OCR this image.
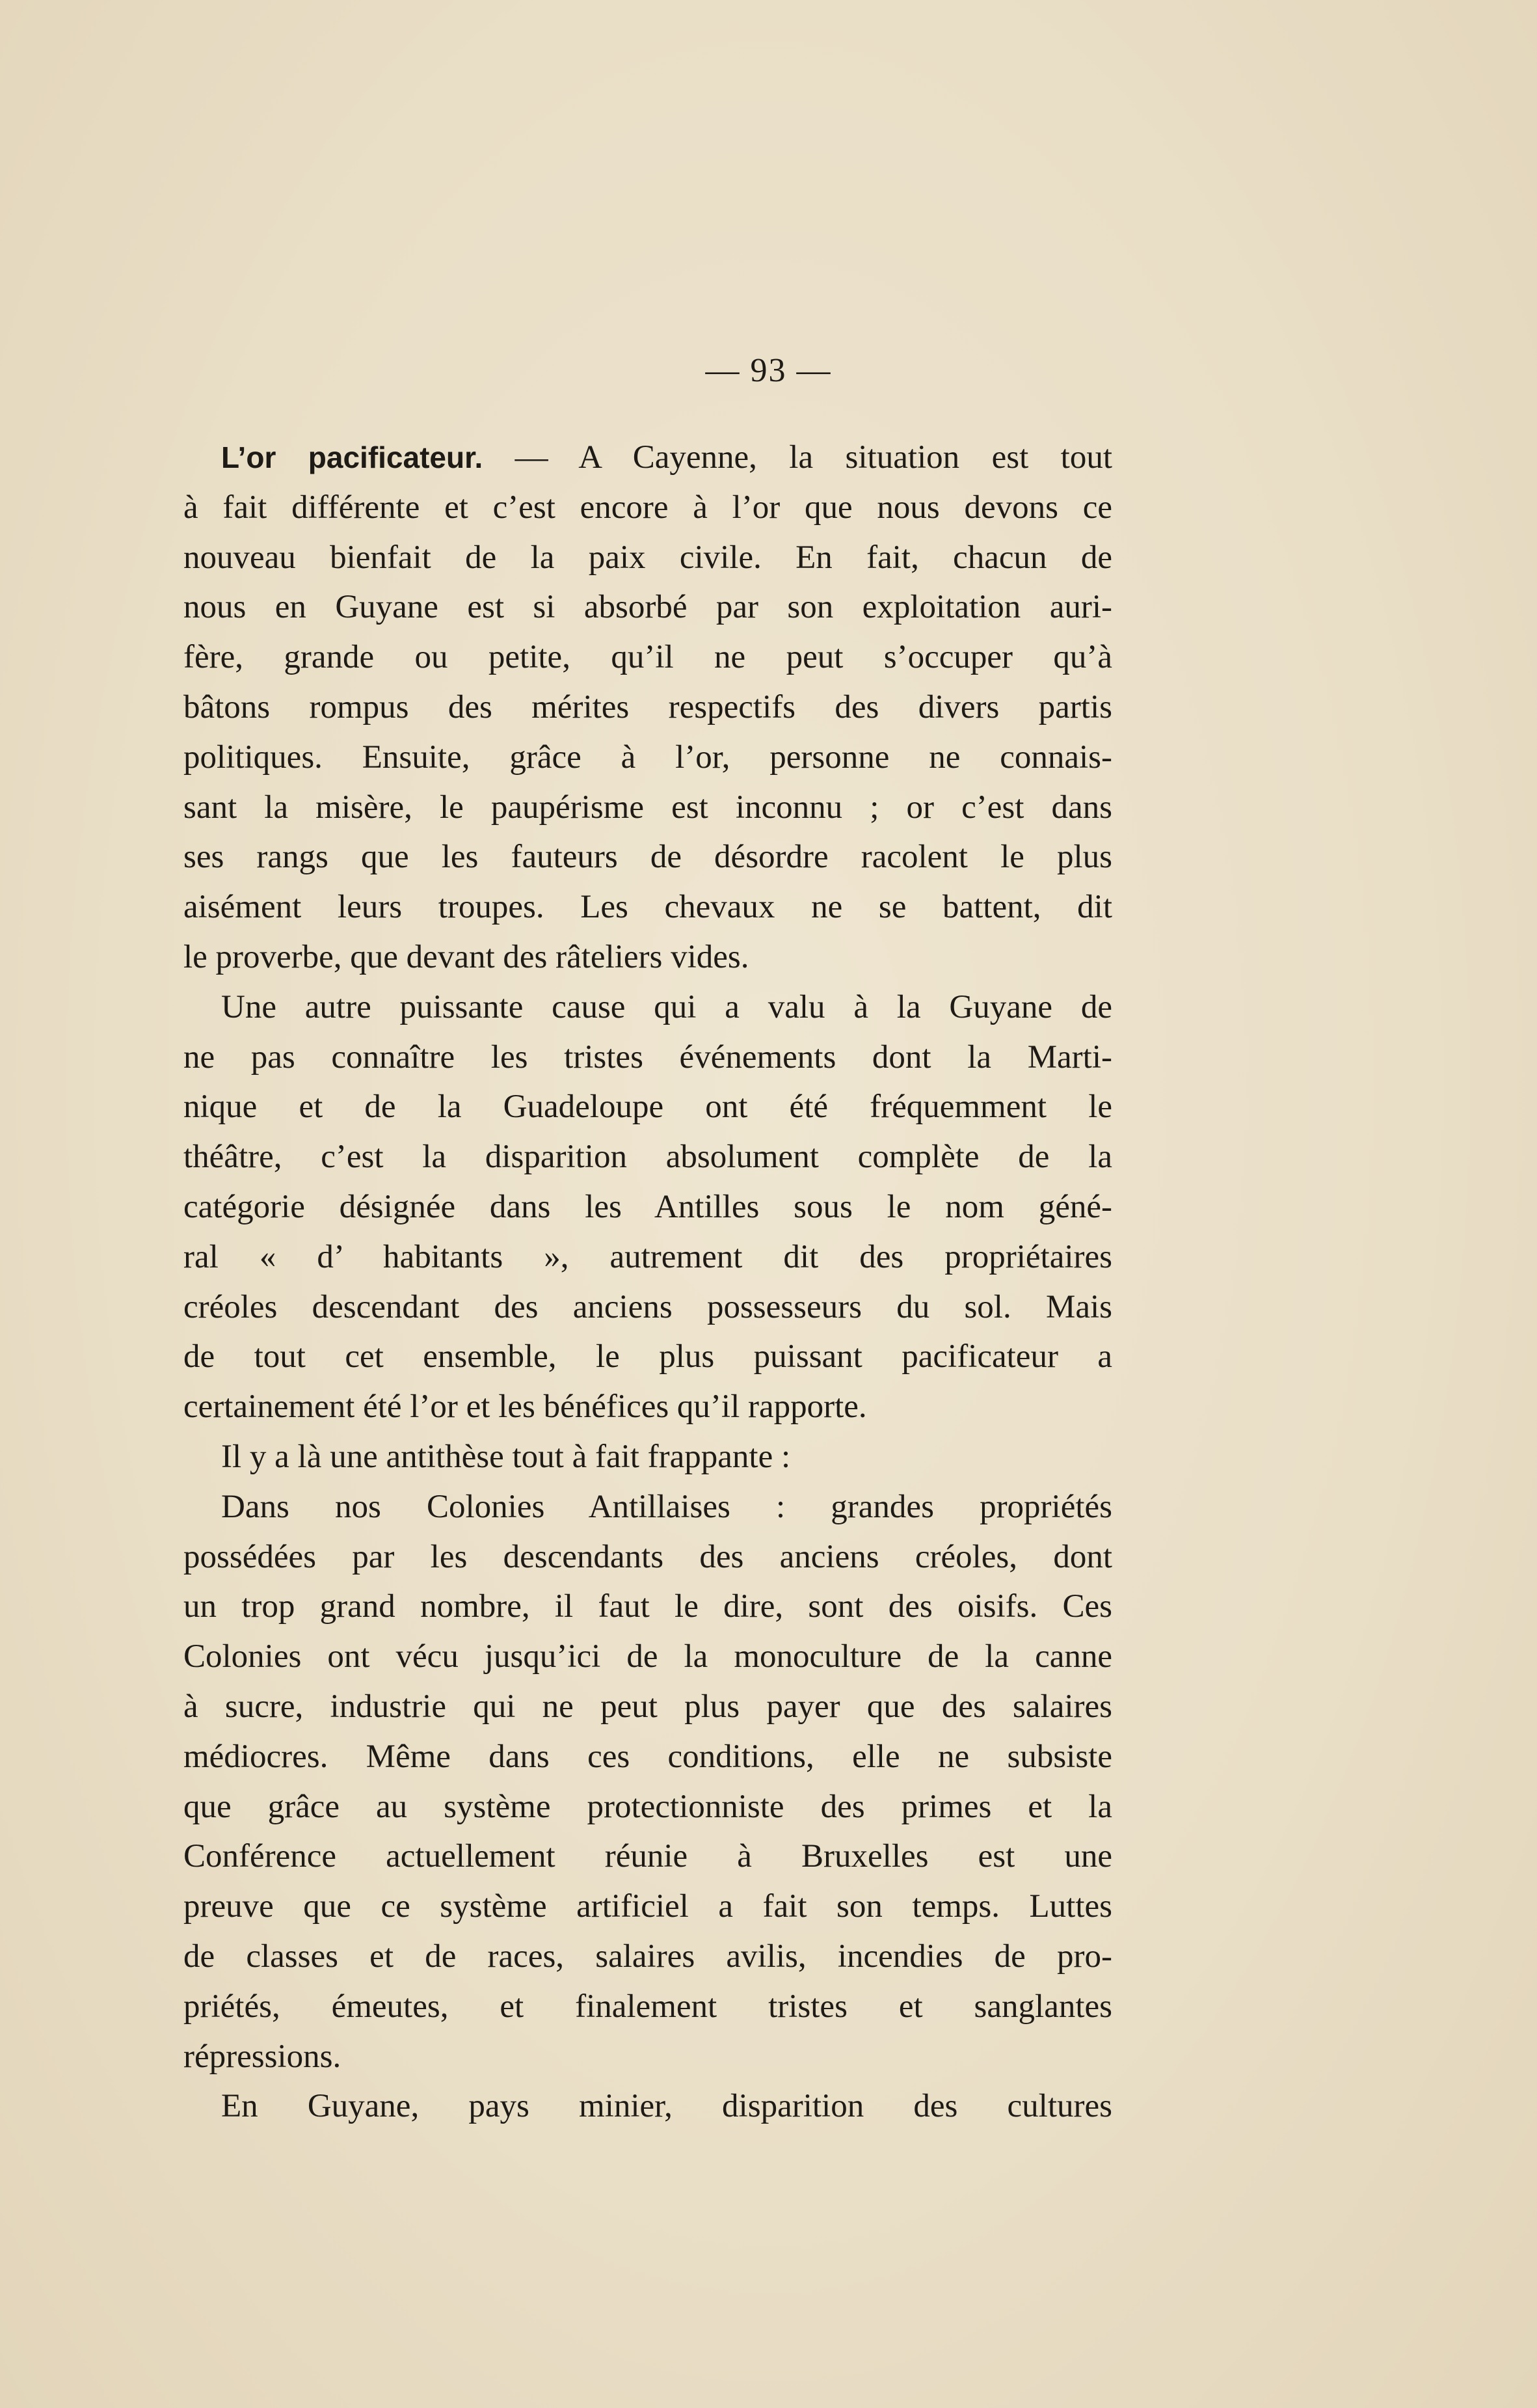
— 93 —
L’or pacificateur. — A Cayenne, la situation est tout
à fait différente et c’est encore à l’or que nous devons ce
nouveau bienfait de la paix civile. En fait, chacun de
nous en Guyane est si absorbé par son exploitation auri-
fère, grande ou petite, qu’il ne peut s’occuper qu’à
bâtons rompus des mérites respectifs des divers partis
politiques. Ensuite, grâce à l’or, personne ne connais-
sant la misère, le paupérisme est inconnu ; or c’est dans
ses rangs que les fauteurs de désordre racolent le plus
aisément leurs troupes. Les chevaux ne se battent, dit
le proverbe, que devant des râteliers vides.
Une autre puissante cause qui a valu à la Guyane de
ne pas connaître les tristes événements dont la Marti-
nique et de la Guadeloupe ont été fréquemment le
théâtre, c’est la disparition absolument complète de la
catégorie désignée dans les Antilles sous le nom géné-
ral « d’ habitants », autrement dit des propriétaires
créoles descendant des anciens possesseurs du sol. Mais
de tout cet ensemble, le plus puissant pacificateur a
certainement été l’or et les bénéfices qu’il rapporte.
Il y a là une antithèse tout à fait frappante :
Dans nos Colonies Antillaises : grandes propriétés
possédées par les descendants des anciens créoles, dont
un trop grand nombre, il faut le dire, sont des oisifs. Ces
Colonies ont vécu jusqu’ici de la monoculture de la canne
à sucre, industrie qui ne peut plus payer que des salaires
médiocres. Même dans ces conditions, elle ne subsiste
que grâce au système protectionniste des primes et la
Conférence actuellement réunie à Bruxelles est une
preuve que ce système artificiel a fait son temps. Luttes
de classes et de races, salaires avilis, incendies de pro-
priétés, émeutes, et finalement tristes et sanglantes
répressions.
En Guyane, pays minier, disparition des cultures
